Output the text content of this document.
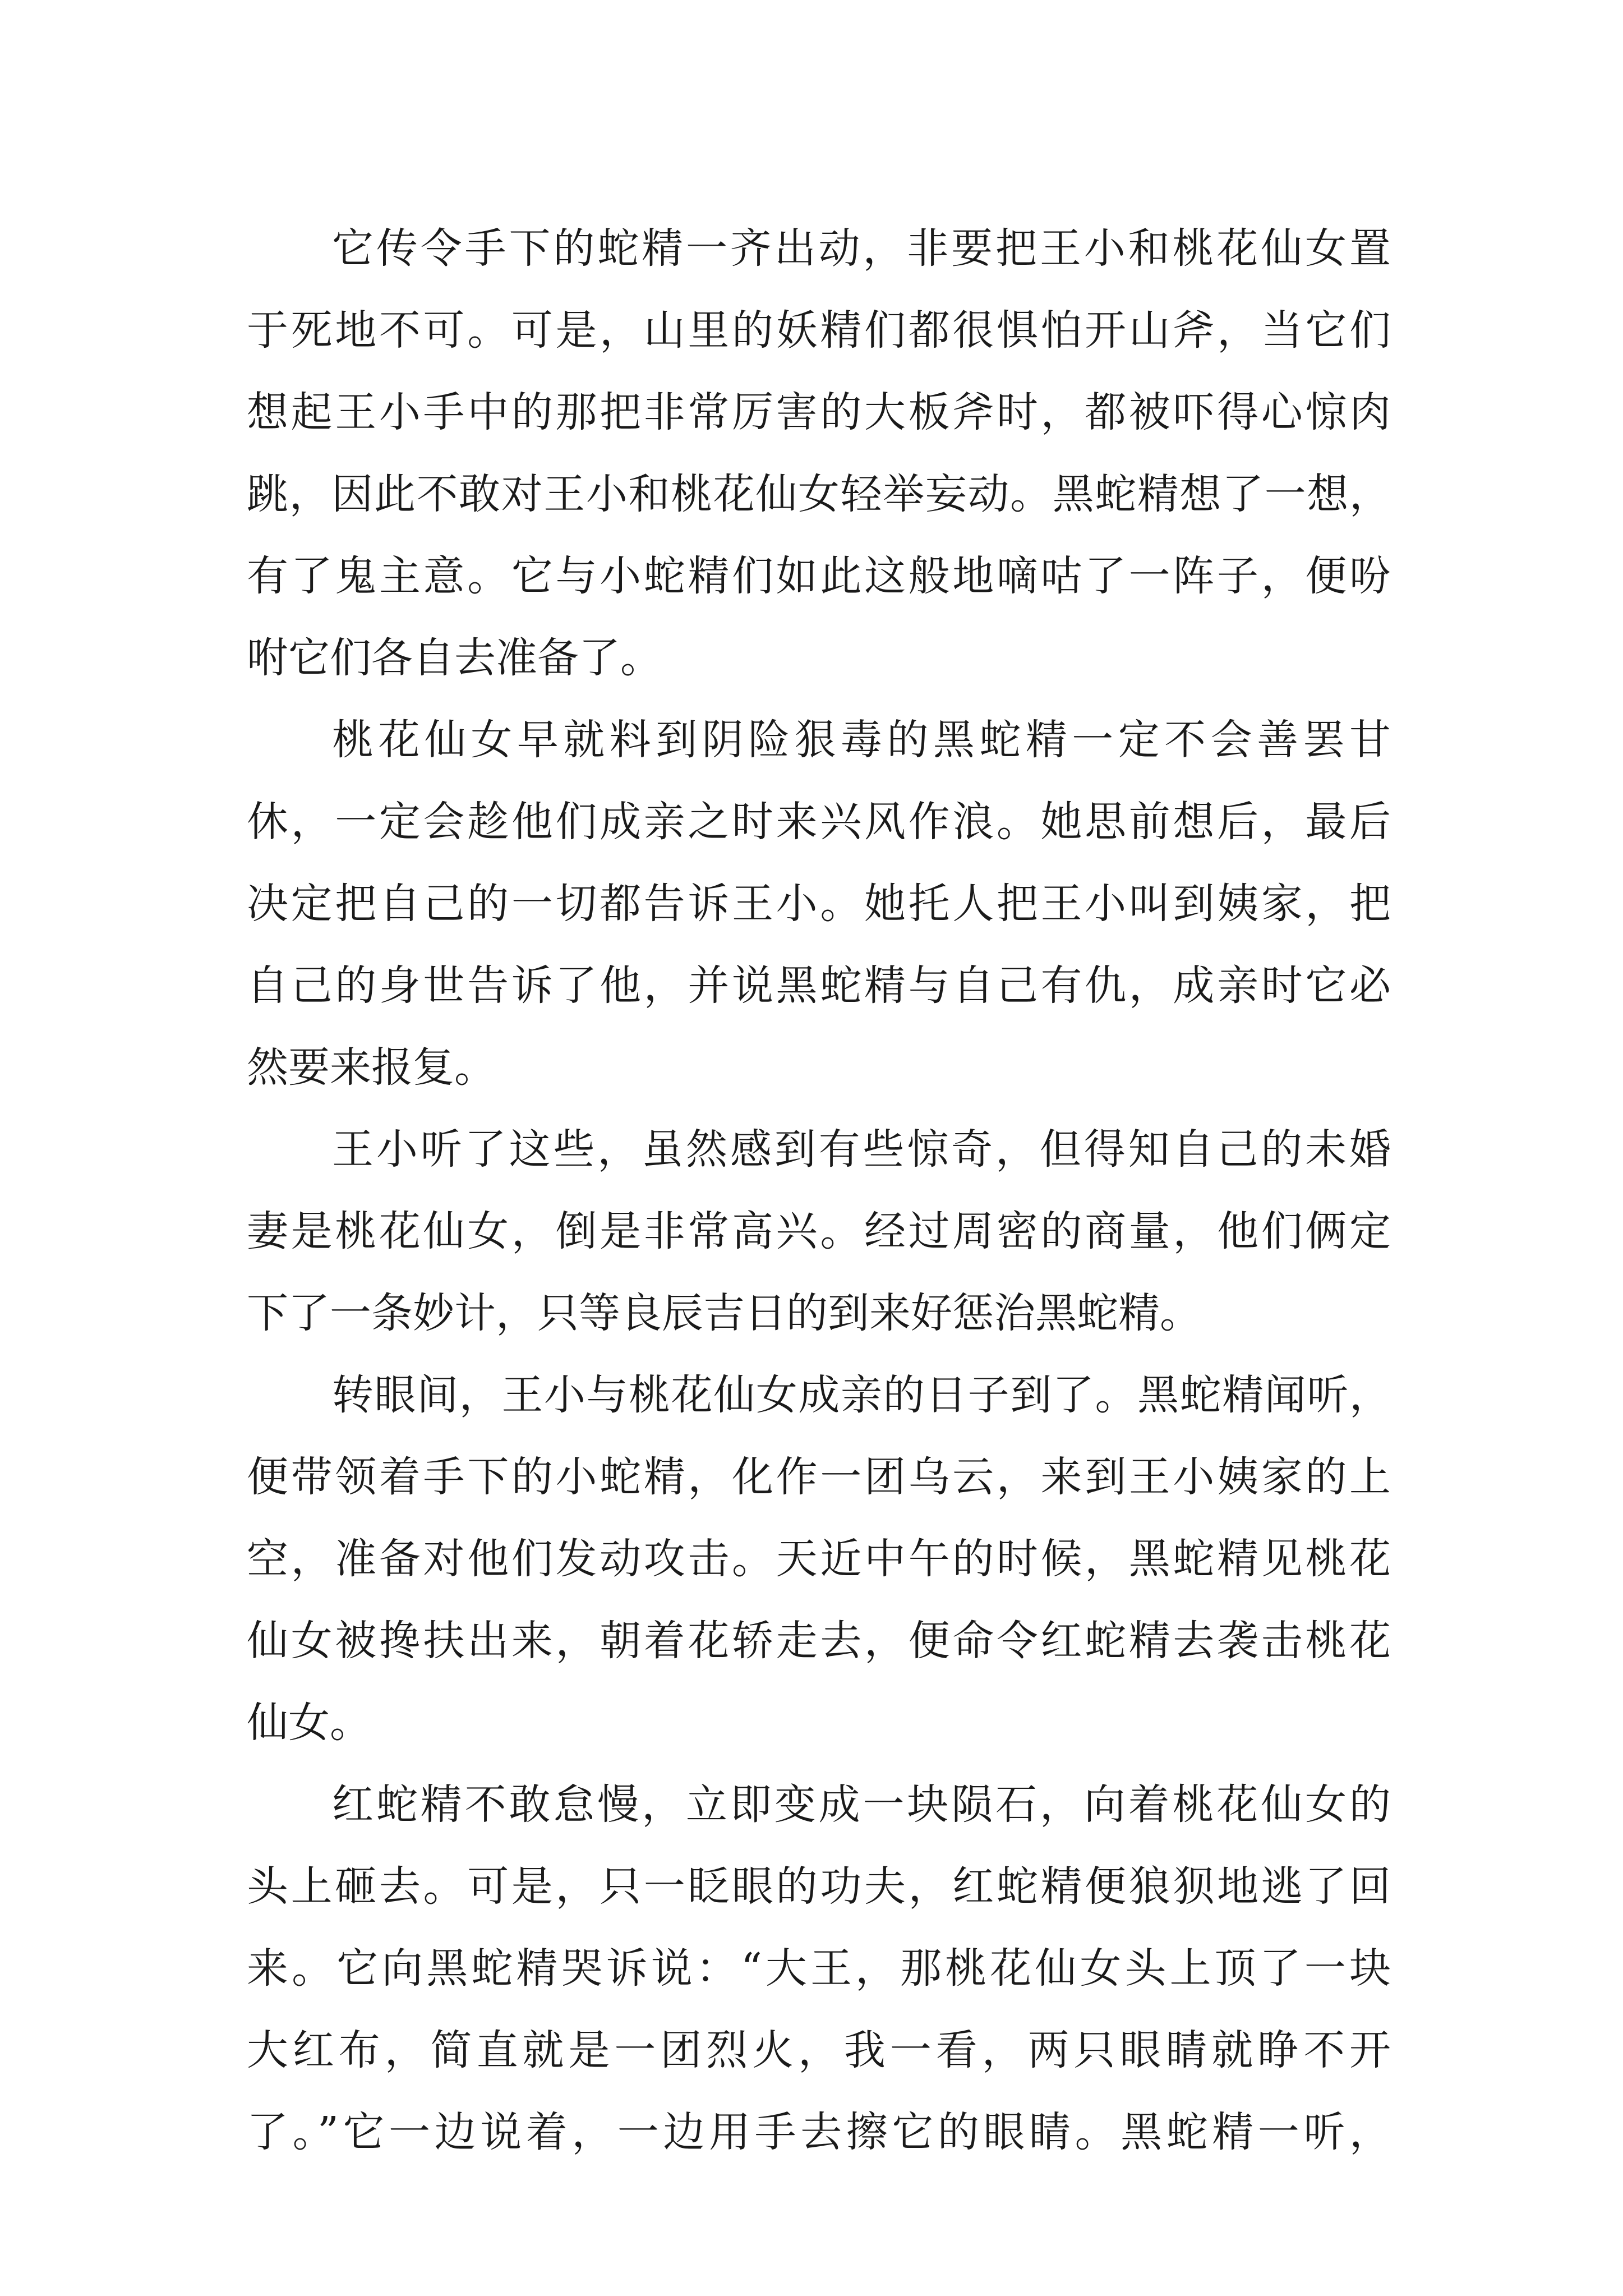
它传令手下的蛇精一齐出动，非要把王小和桃花仙女置
于死地不可。可是，山里的妖精们都很惧怕开山斧，当它们
想起王小手中的那把非常厉害的大板斧时，都被吓得心惊肉
跳，因此不敢对王小和桃花仙女轻举妄动。黑蛇精想了一想，
有了鬼主意。它与小蛇精们如此这般地嘀咕了一阵子，便吩
咐它们各自去准备了。
桃花仙女早就料到阴险狠毒的黑蛇精一定不会善罢甘
休，一定会趁他们成亲之时来兴风作浪。她思前想后，最后
决定把自己的一切都告诉王小。她托人把王小叫到姨家，把
自己的身世告诉了他，并说黑蛇精与自己有仇，成亲时它必
然要来报复。
王小听了这些，虽然感到有些惊奇，但得知自己的未婚
妻是桃花仙女，倒是非常高兴。经过周密的商量，他们俩定
下了一条妙计，只等良辰吉日的到来好惩治黑蛇精。
转眼间，王小与桃花仙女成亲的日子到了。黑蛇精闻听，
便带领着手下的小蛇精，化作一团乌云，来到王小姨家的上
空，准备对他们发动攻击。天近中午的时候，黑蛇精见桃花
仙女被搀扶出来，朝着花轿走去，便命令红蛇精去袭击桃花
仙女。
红蛇精不敢怠慢，立即变成一块陨石，向着桃花仙女的
头上砸去。可是，只一眨眼的功夫，红蛇精便狼狈地逃了回
来。它向黑蛇精哭诉说：“大王，那桃花仙女头上顶了一块
大红布，简直就是一团烈火，我一看，两只眼睛就睁不开
了。”它一边说着，一边用手去擦它的眼睛。黑蛇精一听，
